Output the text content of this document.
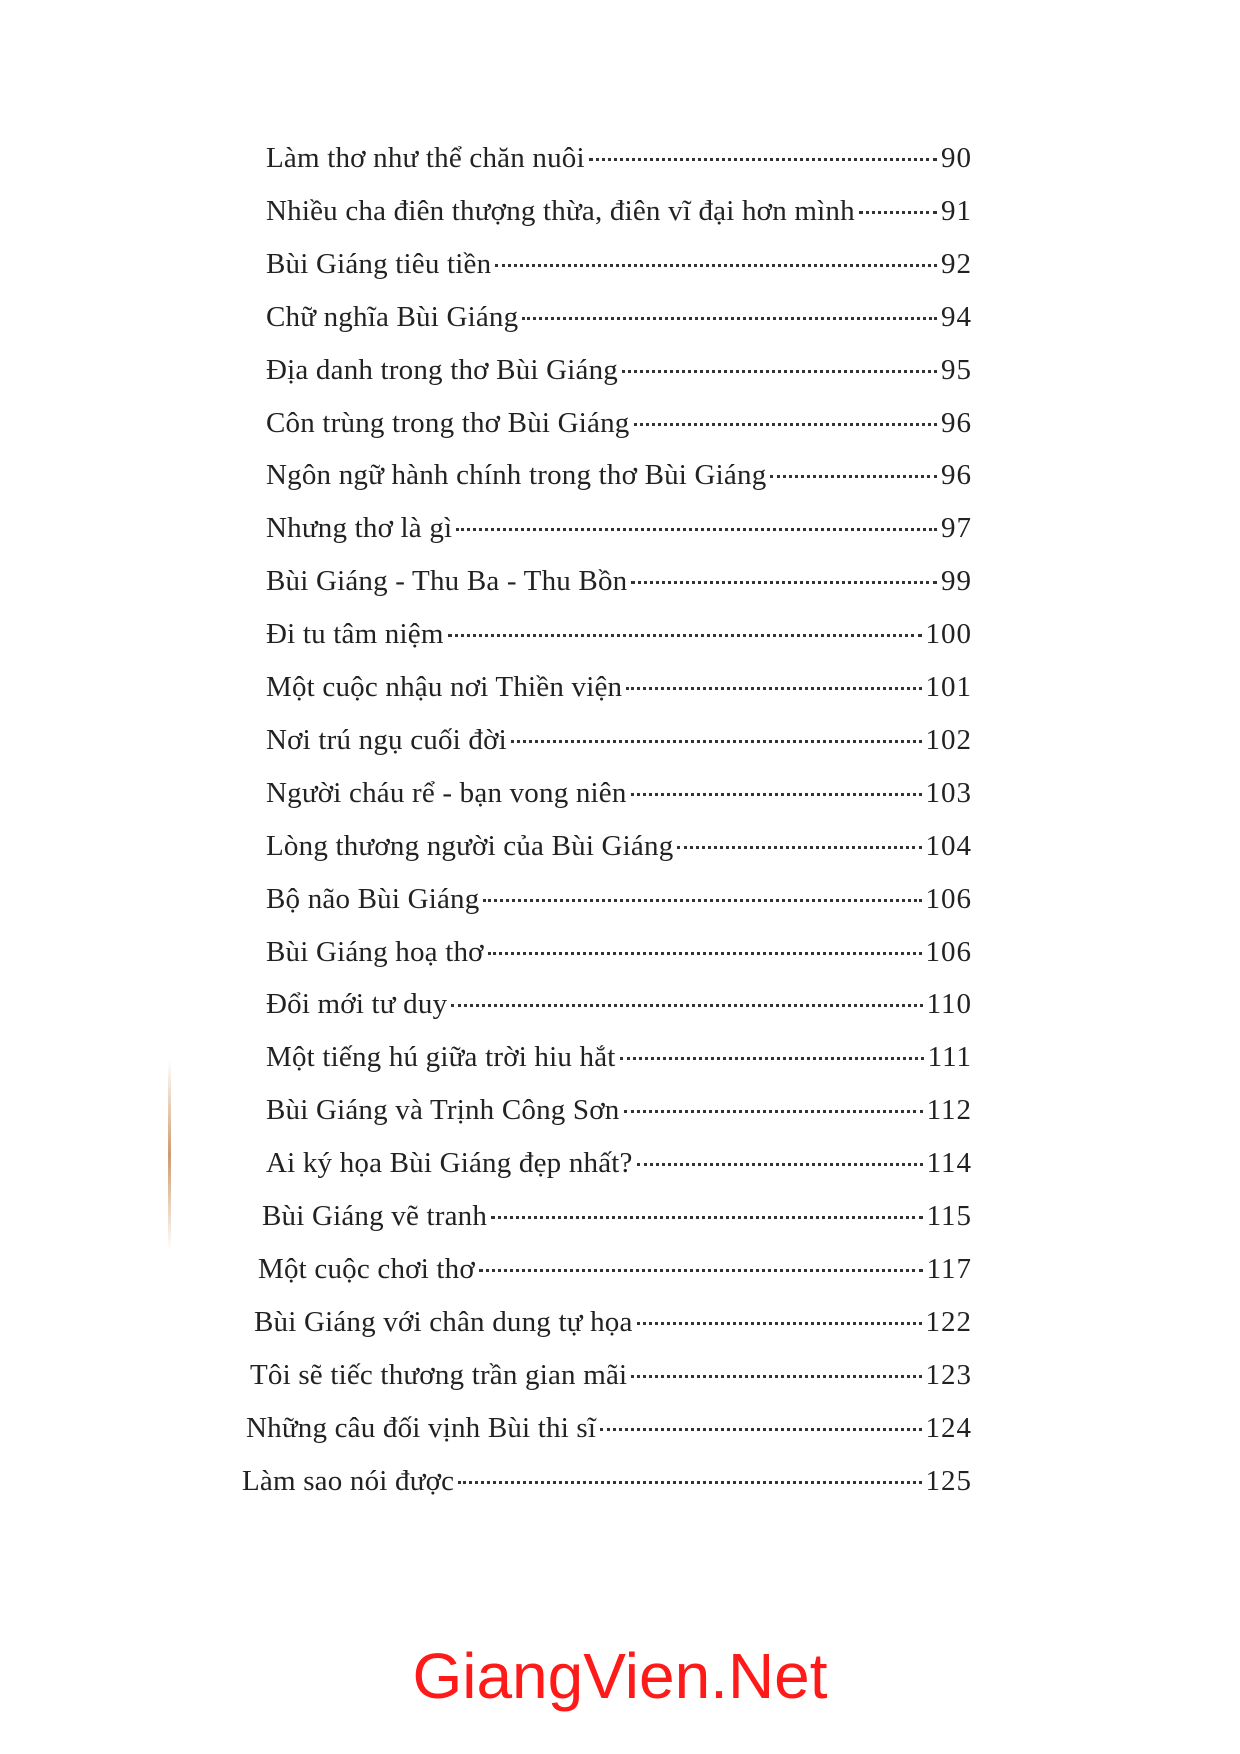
Làm thơ như thể chăn nuôi	90
Nhiều cha điên thượng thừa, điên vĩ đại hơn mình	91
Bùi Giáng tiêu tiền	92
Chữ nghĩa Bùi Giáng	94
Địa danh trong thơ Bùi Giáng	95
Côn trùng trong thơ Bùi Giáng	96
Ngôn ngữ hành chính trong thơ Bùi Giáng	96
Nhưng thơ là gì	97
Bùi Giáng - Thu Ba - Thu Bồn	99
Đi tu tâm niệm	100
Một cuộc nhậu nơi Thiền viện	101
Nơi trú ngụ cuối đời	102
Người cháu rể - bạn vong niên	103
Lòng thương người của Bùi Giáng	104
Bộ não Bùi Giáng	106
Bùi Giáng hoạ thơ	106
Đổi mới tư duy	110
Một tiếng hú giữa trời hiu hắt	111
Bùi Giáng và Trịnh Công Sơn	112
Ai ký họa Bùi Giáng đẹp nhất?	114
Bùi Giáng vẽ tranh	115
Một cuộc chơi thơ	117
Bùi Giáng với chân dung tự họa	122
Tôi sẽ tiếc thương trần gian mãi	123
Những câu đối vịnh Bùi thi sĩ	124
Làm sao nói được	125
GiangVien.Net
